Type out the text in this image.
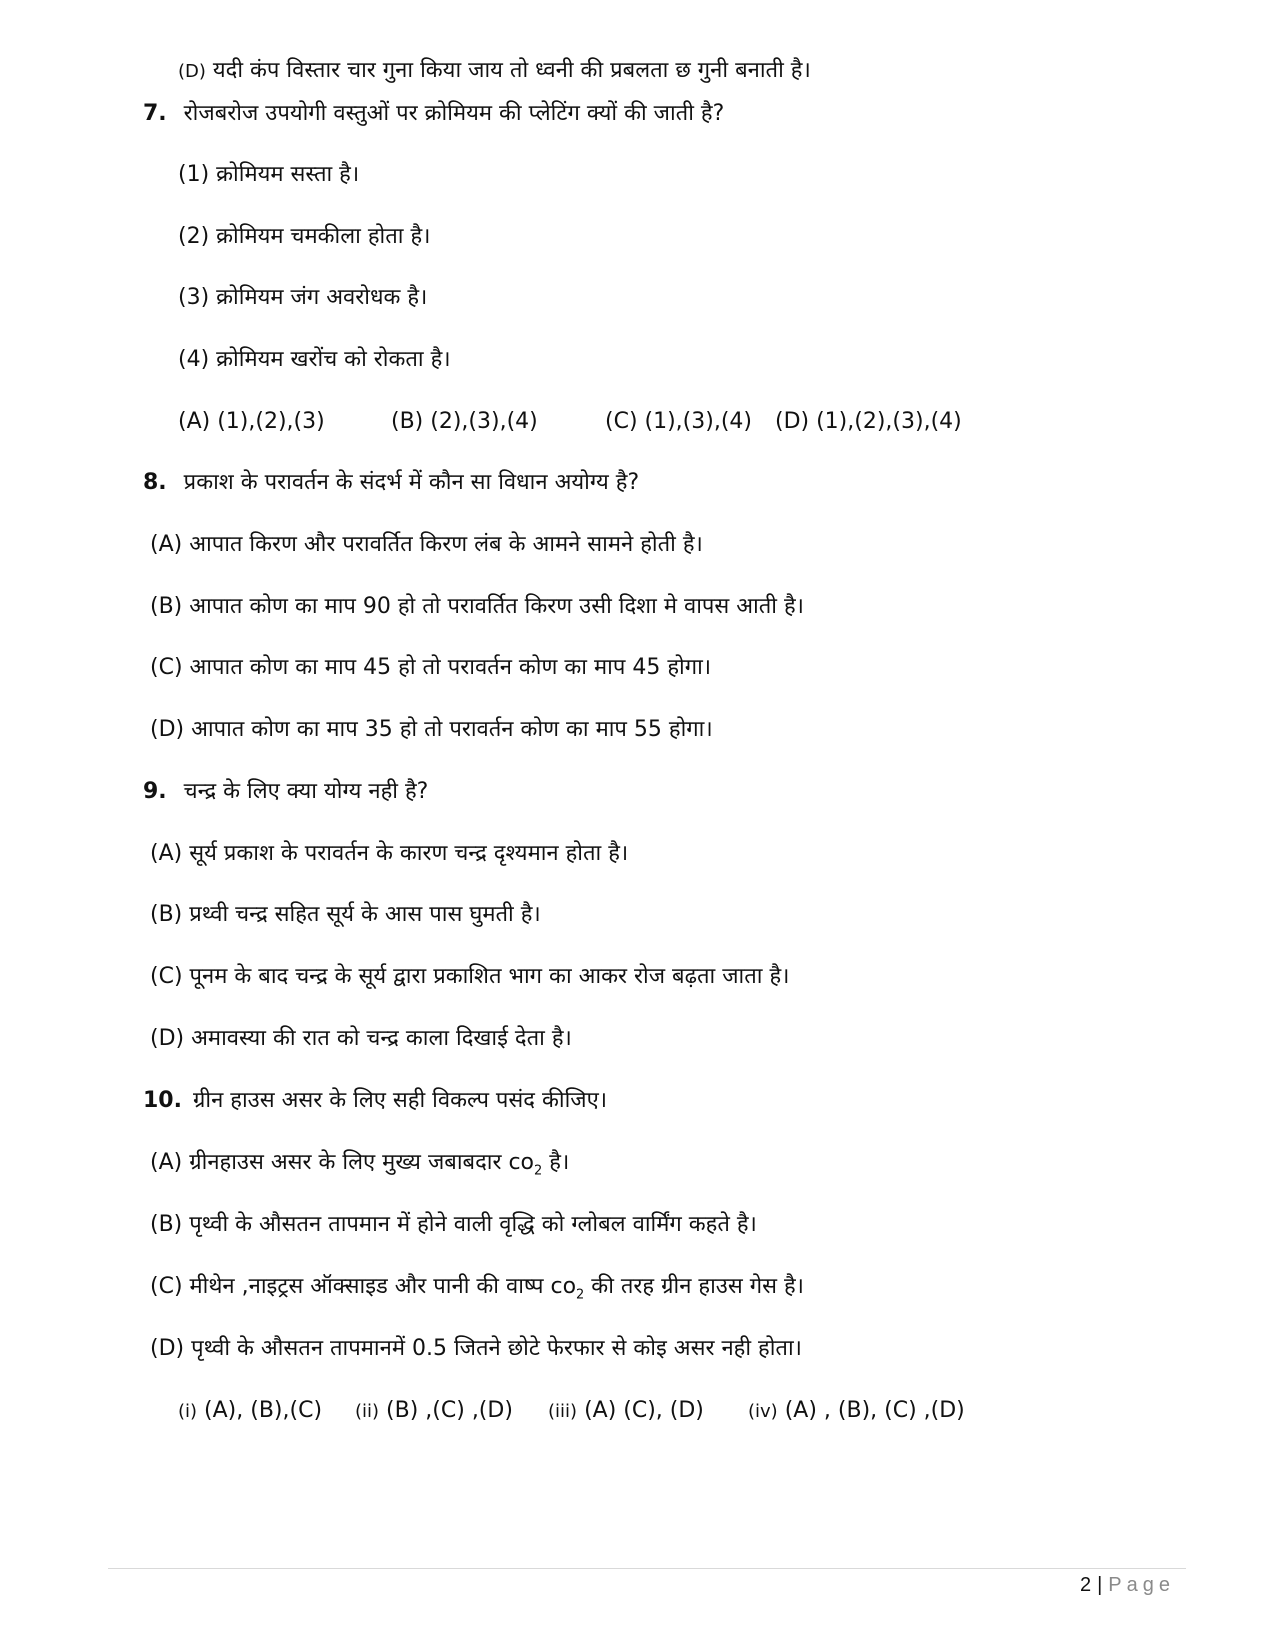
(D) यदी कंप विस्तार चार गुना किया जाय तो ध्वनी की प्रबलता छ गुनी बनाती है।
7. रोजबरोज उपयोगी वस्तुओं पर क्रोमियम की प्लेटिंग क्यों की जाती है?
(1) क्रोमियम सस्ता है।
(2) क्रोमियम चमकीला होता है।
(3) क्रोमियम जंग अवरोधक है।
(4) क्रोमियम खरोंच को रोकता है।
(A) (1),(2),(3)	(B) (2),(3),(4)	(C) (1),(3),(4) (D) (1),(2),(3),(4)
8. प्रकाश के परावर्तन के संदर्भ में कौन सा विधान अयोग्य है?
(A) आपात किरण और परावर्तित किरण लंब के आमने सामने होती है।
(B) आपात कोण का माप 90 हो तो परावर्तित किरण उसी दिशा मे वापस आती है।
(C) आपात कोण का माप 45 हो तो परावर्तन कोण का माप 45 होगा।
(D) आपात कोण का माप 35 हो तो परावर्तन कोण का माप 55 होगा।
9. चन्द्र के लिए क्या योग्य नही है?
(A) सूर्य प्रकाश के परावर्तन के कारण चन्द्र दृश्यमान होता है।
(B) प्रथ्वी चन्द्र सहित सूर्य के आस पास घुमती है।
(C) पूनम के बाद चन्द्र के सूर्य द्वारा प्रकाशित भाग का आकर रोज बढ़ता जाता है।
(D) अमावस्या की रात को चन्द्र काला दिखाई देता है।
10. ग्रीन हाउस असर के लिए सही विकल्प पसंद कीजिए।
(A) ग्रीनहाउस असर के लिए मुख्य जबाबदार $co_2$ है।
(B) पृथ्वी के औसतन तापमान में होने वाली वृद्धि को ग्लोबल वार्मिंग कहते है।
(C) मीथेन ,नाइट्रस ऑक्साइड और पानी की वाष्प $co_2$ की तरह ग्रीन हाउस गेस है।
(D) पृथ्वी के औसतन तापमानमें 0.5 जितने छोटे फेरफार से कोइ असर नही होता।
(i) (A), (B),(C) (ii) (B) ,(C) ,(D) (iii) (A) (C), (D) (iv) (A) , (B), (C) ,(D)
2 | Page
